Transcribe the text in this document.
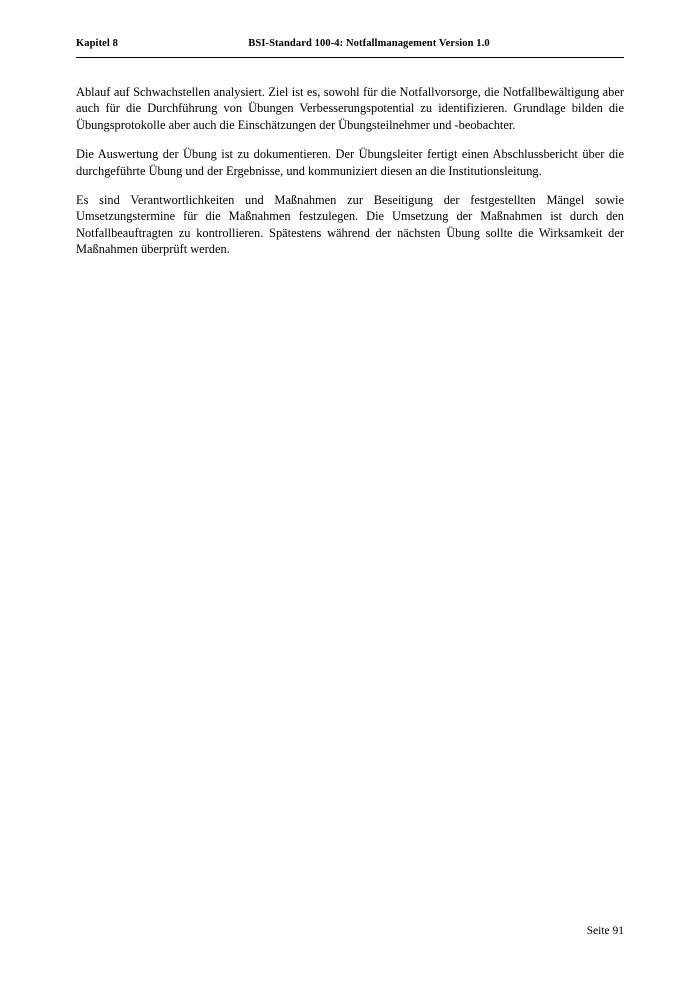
Kapitel 8	BSI-Standard 100-4: Notfallmanagement Version 1.0

Ablauf auf Schwachstellen analysiert. Ziel ist es, sowohl für die Notfallvorsorge, die Notfallbewältigung aber auch für die Durchführung von Übungen Verbesserungspotential zu identifizieren. Grundlage bilden die Übungsprotokolle aber auch die Einschätzungen der Übungsteilnehmer und -beobachter.

Die Auswertung der Übung ist zu dokumentieren. Der Übungsleiter fertigt einen Abschlussbericht über die durchgeführte Übung und der Ergebnisse, und kommuniziert diesen an die Institutionsleitung.

Es sind Verantwortlichkeiten und Maßnahmen zur Beseitigung der festgestellten Mängel sowie Umsetzungstermine für die Maßnahmen festzulegen. Die Umsetzung der Maßnahmen ist durch den Notfallbeauftragten zu kontrollieren. Spätestens während der nächsten Übung sollte die Wirksamkeit der Maßnahmen überprüft werden.

Seite 91
